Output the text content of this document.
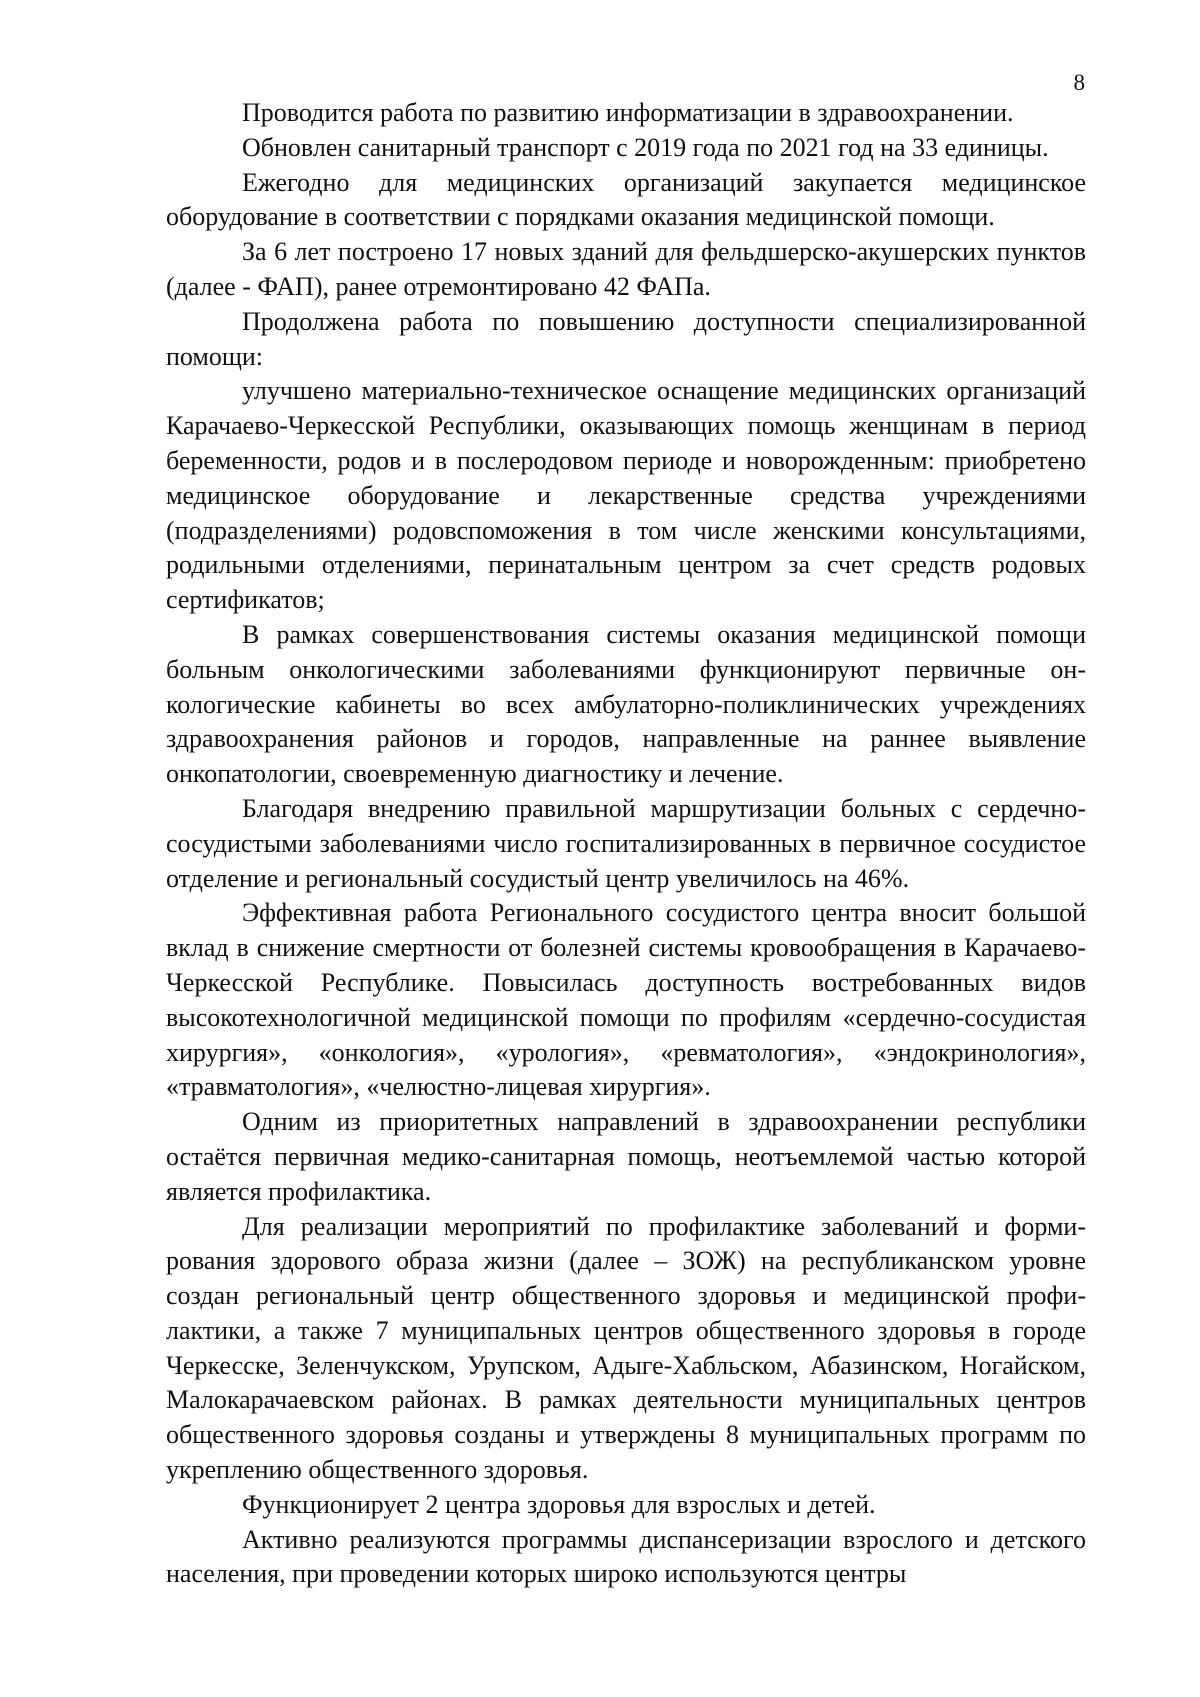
8

Проводится работа по развитию информатизации в здравоохранении.

Обновлен санитарный транспорт с 2019 года по 2021 год на 33 единицы.

Ежегодно для медицинских организаций закупается медицинское оборудование в соответствии с порядками оказания медицинской помощи.

За 6 лет построено 17 новых зданий для фельдшерско-акушерских пунктов (далее - ФАП), ранее отремонтировано 42 ФАПа.

Продолжена работа по повышению доступности специализированной помощи:

улучшено материально-техническое оснащение медицинских организаций Карачаево-Черкесской Республики, оказывающих помощь женщинам в период беременности, родов и в послеродовом периоде и новорожденным: приобретено медицинское оборудование и лекарственные средства учреждениями (подразделениями) родовспоможения в том числе женскими консультациями, родильными отделениями, перинатальным центром за счет средств родовых сертификатов;

В рамках совершенствования системы оказания медицинской помощи больным онкологическими заболеваниями функционируют первичные онкологические кабинеты во всех амбулаторно-поликлинических учреждениях здравоохранения районов и городов, направленные на раннее выявление онкопатологии, своевременную диагностику и лечение.

Благодаря внедрению правильной маршрутизации больных с сердечно-сосудистыми заболеваниями число госпитализированных в первичное сосудистое отделение и региональный сосудистый центр увеличилось на 46%.

Эффективная работа Регионального сосудистого центра вносит большой вклад в снижение смертности от болезней системы кровообращения в Карачаево-Черкесской Республике. Повысилась доступность востребованных видов высокотехнологичной медицинской помощи по профилям «сердечно-сосудистая хирургия», «онкология», «урология», «ревматология», «эндокринология», «травматология», «челюстно-лицевая хирургия».

Одним из приоритетных направлений в здравоохранении республики остаётся первичная медико-санитарная помощь, неотъемлемой частью которой является профилактика.

Для реализации мероприятий по профилактике заболеваний и формирования здорового образа жизни (далее – ЗОЖ) на республиканском уровне создан региональный центр общественного здоровья и медицинской профилактики, а также 7 муниципальных центров общественного здоровья в городе Черкесске, Зеленчукском, Урупском, Адыге-Хабльском, Абазинском, Ногайском, Малокарачаевском районах. В рамках деятельности муниципальных центров общественного здоровья созданы и утверждены 8 муниципальных программ по укреплению общественного здоровья.

Функционирует 2 центра здоровья для взрослых и детей.

Активно реализуются программы диспансеризации взрослого и детского населения, при проведении которых широко используются центры
